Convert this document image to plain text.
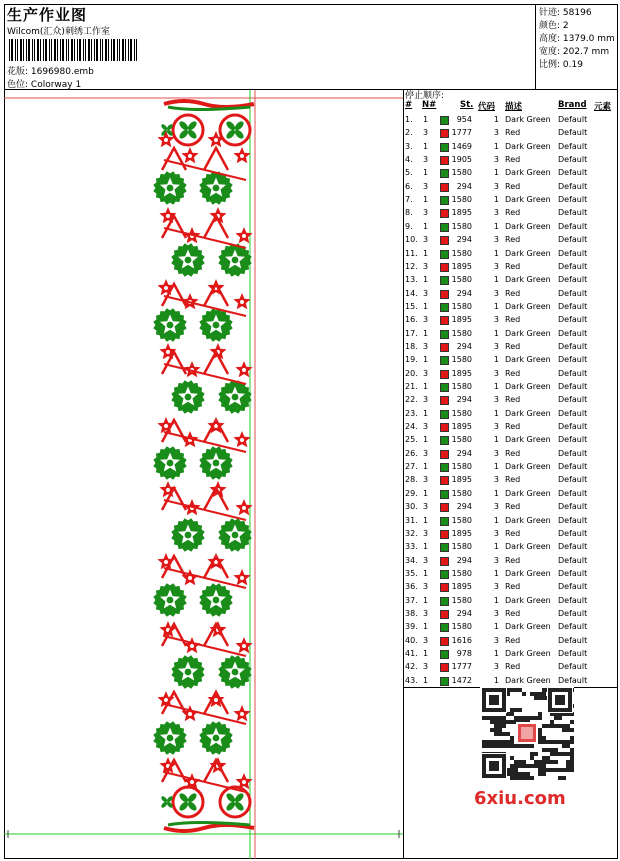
生产作业图
Wilcom(汇众)刺绣工作室
花版: 1696980.emb
色位: Colorway 1
针迹: 58196
颜色: 2
高度: 1379.0 mm
宽度: 202.7 mm
比例: 0.19
停止顺序:
# N#	St. 代码 描述	Brand 元素
1. 1	954	1 Dark Green Default
2. 3	1777	3 Red	Default
3. 1	1469	1 Dark Green Default
4. 3	1905	3 Red	Default
5. 1	1580	1 Dark Green Default
6. 3	294	3 Red	Default
7. 1	1580	1 Dark Green Default
8. 3	1895	3 Red	Default
9. 1	1580	1 Dark Green Default
10. 3	294	3 Red	Default
11. 1	1580	1 Dark Green Default
12. 3	1895	3 Red	Default
13. 1	1580	1 Dark Green Default
14. 3	294	3 Red	Default
15. 1	1580	1 Dark Green Default
16. 3	1895	3 Red	Default
17. 1	1580	1 Dark Green Default
18. 3	294	3 Red	Default
19. 1	1580	1 Dark Green Default
20. 3	1895	3 Red	Default
21. 1	1580	1 Dark Green Default
22. 3	294	3 Red	Default
23. 1	1580	1 Dark Green Default
24. 3	1895	3 Red	Default
25. 1	1580	1 Dark Green Default
26. 3	294	3 Red	Default
27. 1	1580	1 Dark Green Default
28. 3	1895	3 Red	Default
29. 1	1580	1 Dark Green Default
30. 3	294	3 Red	Default
31. 1	1580	1 Dark Green Default
32. 3	1895	3 Red	Default
33. 1	1580	1 Dark Green Default
34. 3	294	3 Red	Default
35. 1	1580	1 Dark Green Default
36. 3	1895	3 Red	Default
37. 1	1580	1 Dark Green Default
38. 3	294	3 Red	Default
39. 1	1580	1 Dark Green Default
40. 3	1616	3 Red	Default
41. 1	978	1 Dark Green Default
42. 3	1777	3 Red	Default
43. 1	1472	1 Dark Green Default
6xiu.com
